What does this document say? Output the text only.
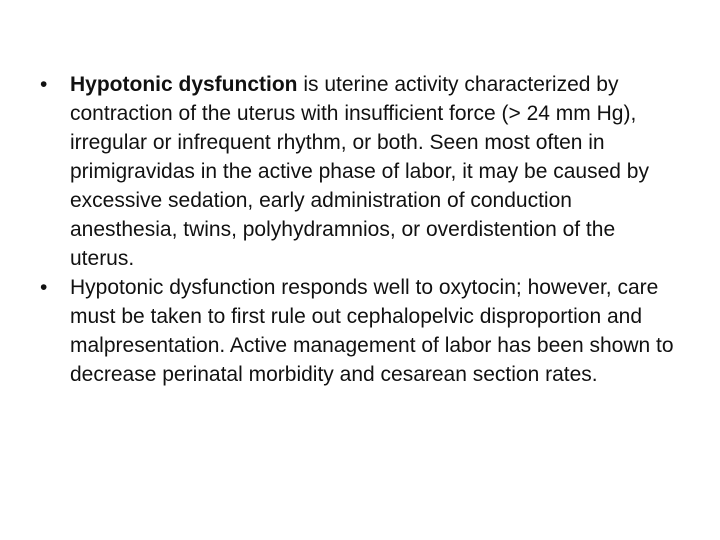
•	Hypotonic dysfunction is uterine activity characterized by contraction of the uterus with insufficient force (> 24 mm Hg), irregular or infrequent rhythm, or both. Seen most often in primigravidas in the active phase of labor, it may be caused by excessive sedation, early administration of conduction anesthesia, twins, polyhydramnios, or overdistention of the uterus.
•	Hypotonic dysfunction responds well to oxytocin; however, care must be taken to first rule out cephalopelvic disproportion and malpresentation. Active management of labor has been shown to decrease perinatal morbidity and cesarean section rates.
